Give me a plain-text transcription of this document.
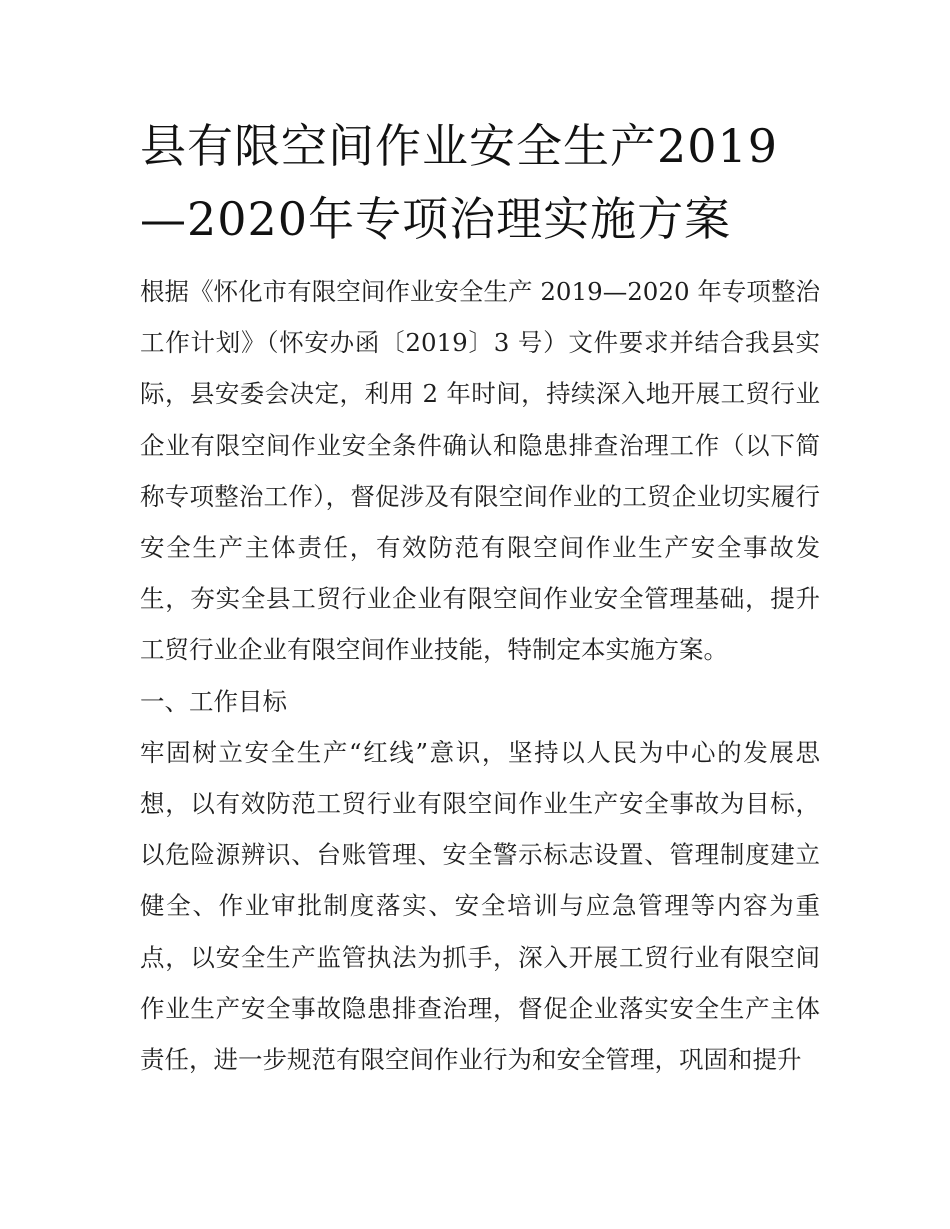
县有限空间作业安全生产2019—2020年专项治理实施方案

根据《怀化市有限空间作业安全生产 2019—2020 年专项整治工作计划》（怀安办函〔2019〕3 号）文件要求并结合我县实际，县安委会决定，利用 2 年时间，持续深入地开展工贸行业企业有限空间作业安全条件确认和隐患排查治理工作（以下简称专项整治工作），督促涉及有限空间作业的工贸企业切实履行安全生产主体责任，有效防范有限空间作业生产安全事故发生，夯实全县工贸行业企业有限空间作业安全管理基础，提升工贸行业企业有限空间作业技能，特制定本实施方案。

一、工作目标

牢固树立安全生产“红线”意识，坚持以人民为中心的发展思想，以有效防范工贸行业有限空间作业生产安全事故为目标，以危险源辨识、台账管理、安全警示标志设置、管理制度建立健全、作业审批制度落实、安全培训与应急管理等内容为重点，以安全生产监管执法为抓手，深入开展工贸行业有限空间作业生产安全事故隐患排查治理，督促企业落实安全生产主体责任，进一步规范有限空间作业行为和安全管理，巩固和提升
